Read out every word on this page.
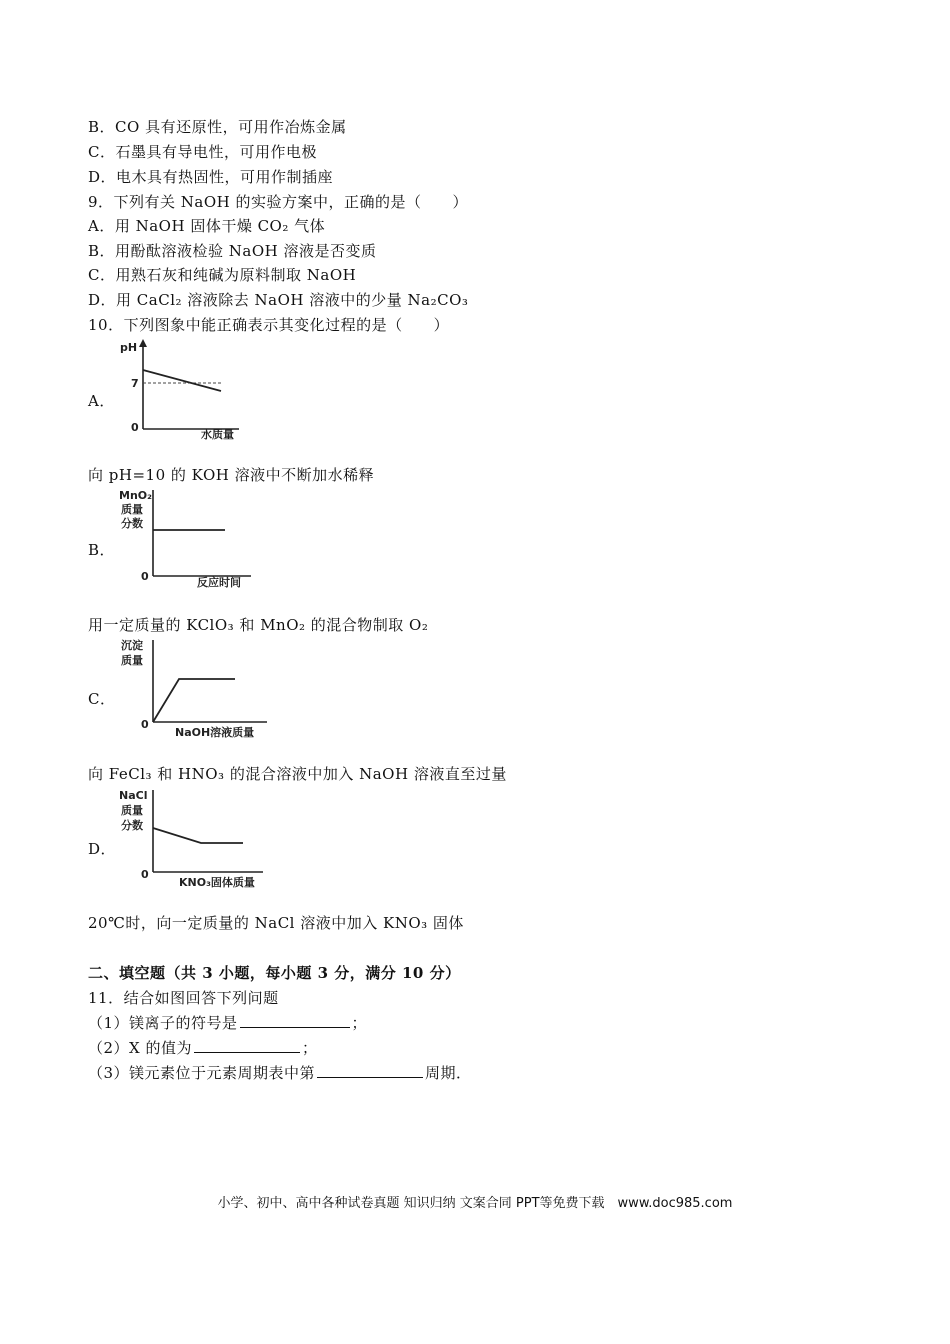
B．CO 具有还原性，可用作冶炼金属
C．石墨具有导电性，可用作电极
D．电木具有热固性，可用作制插座
9．下列有关 NaOH 的实验方案中，正确的是（　　）
A．用 NaOH 固体干燥 CO₂ 气体
B．用酚酞溶液检验 NaOH 溶液是否变质
C．用熟石灰和纯碱为原料制取 NaOH
D．用 CaCl₂ 溶液除去 NaOH 溶液中的少量 Na₂CO₃
10．下列图象中能正确表示其变化过程的是（　　）
A．
pH
7
0
水质量
向 pH=10 的 KOH 溶液中不断加水稀释
B．
MnO₂
质量
分数
0	反应时间
用一定质量的 KClO₃ 和 MnO₂ 的混合物制取 O₂
C．
沉淀
质量
0
NaOH溶液质量
向 FeCl₃ 和 HNO₃ 的混合溶液中加入 NaOH 溶液直至过量
D．
NaCl
质量
分数
0
KNO₃固体质量
20℃时，向一定质量的 NaCl 溶液中加入 KNO₃ 固体
二、填空题（共 3 小题，每小题 3 分，满分 10 分）
11．结合如图回答下列问题
（1）镁离子的符号是	；
（2）X 的值为	；
（3）镁元素位于元素周期表中第	周期．
小学、初中、高中各种试卷真题 知识归纳 文案合同 PPT等免费下载　www.doc985.com
